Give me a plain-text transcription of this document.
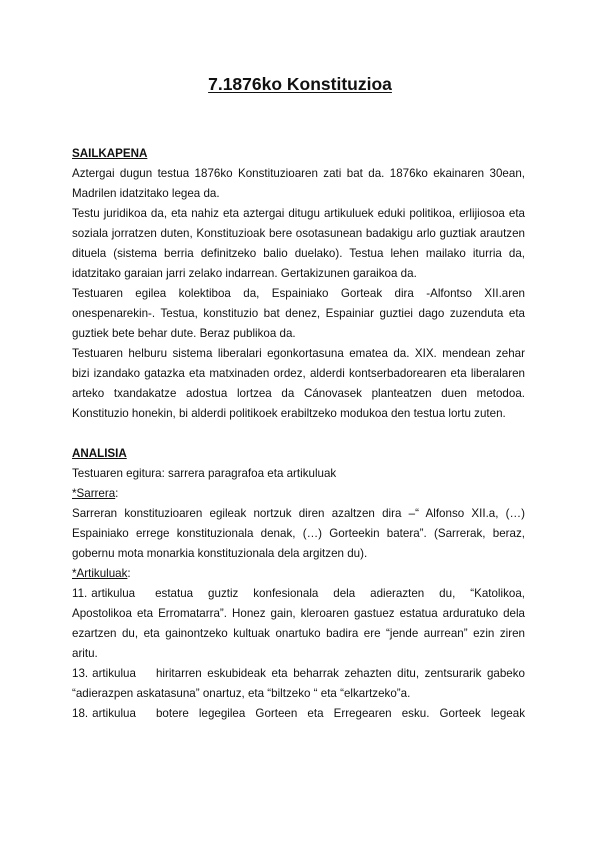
7.1876ko Konstituzioa
SAILKAPENA
Aztergai dugun testua 1876ko Konstituzioaren zati bat da. 1876ko ekainaren 30ean, Madrilen idatzitako legea da.
Testu juridikoa da, eta nahiz eta aztergai ditugu artikuluek eduki politikoa, erlijiosoa eta soziala jorratzen duten, Konstituzioak bere osotasunean badakigu arlo guztiak arautzen dituela (sistema berria definitzeko balio duelako). Testua lehen mailako iturria da, idatzitako garaian jarri zelako indarrean. Gertakizunen garaikoa da.
Testuaren egilea kolektiboa da, Espainiako Gorteak dira -Alfontso XII.aren onespenarekin-. Testua, konstituzio bat denez, Espainiar guztiei dago zuzenduta eta guztiek bete behar dute. Beraz publikoa da.
Testuaren helburu sistema liberalari egonkortasuna ematea da. XIX. mendean zehar bizi izandako gatazka eta matxinaden ordez, alderdi kontserbadorearen eta liberalaren arteko txandakatze adostua lortzea da Cánovasek planteatzen duen metodoa. Konstituzio honekin, bi alderdi politikoek erabiltzeko modukoa den testua lortu zuten.
ANALISIA
Testuaren egitura: sarrera paragrafoa eta artikuluak
*Sarrera:
Sarreran konstituzioaren egileak nortzuk diren azaltzen dira –“ Alfonso XII.a, (…) Espainiako errege konstituzionala denak, (…) Gorteekin batera”. (Sarrerak, beraz, gobernu mota monarkia konstituzionala dela argitzen du).
*Artikuluak:
11. artikulua	estatua guztiz konfesionala dela adierazten du, “Katolikoa,
Apostolikoa eta Erromatarra”. Honez gain, kleroaren gastuez estatua arduratuko dela ezartzen du, eta gainontzeko kultuak onartuko badira ere “jende aurrean” ezin ziren aritu.
13. artikulua	hiritarren eskubideak eta beharrak zehazten ditu, zentsurarik gabeko
“adierazpen askatasuna” onartuz, eta “biltzeko “ eta “elkartzeko”a.
18. artikulua	botere legegilea Gorteen eta Erregearen esku. Gorteek legeak
